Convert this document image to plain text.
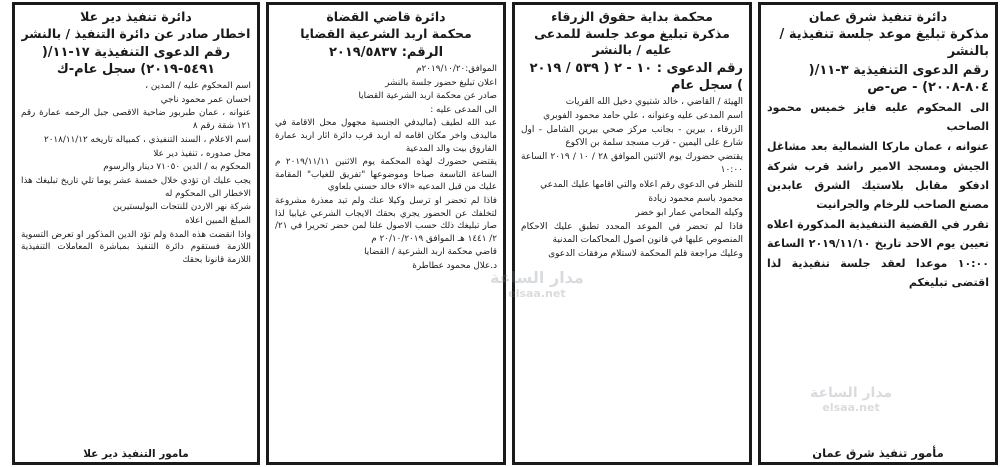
دائرة تنفيذ شرق عمان
مذكرة تبليغ موعد جلسة تنفيذية / بالنشر
رقم الدعوى التنفيذية ٣-١١/( ٨٠٤-٢٠٠٨) - ص-ص
الى المحكوم عليه فايز خميس محمود الصاحب
عنوانه ، عمان ماركا الشمالية بعد مشاغل الجيش ومسجد الامير راشد قرب شركة ادفكو مقابل بلاستيك الشرق عابدين مصنع الصاحب للرخام والجرانيت
تقرر في القضية التنفيذية المذكورة اعلاه تعيين يوم الاحد تاريخ ٢٠١٩/١١/١٠ الساعة ١٠:٠٠ موعدا لعقد جلسة تنفيذية لذا اقتضى تبليغكم
مأمور تنفيذ شرق عمان
محكمة بداية حقوق الزرقاء
مذكرة تبليغ موعد جلسة للمدعى عليه / بالنشر
رقم الدعوى : ١٠ - ٢ ( ٥٣٩ / ٢٠١٩ ) سجل عام
الهيئة / القاضي ، خالد شتيوي دخيل الله القريات
اسم المدعى عليه وعنوانه ، علي حامد محمود الفوبري
الزرقاء ، بيرين - بجانب مركز صحي بيرين الشامل - اول شارع على اليمين - قرب مسجد سلمة بن الاكوع
يقتضي حضورك يوم الاثنين الموافق ٢٨ / ١٠ / ٢٠١٩ الساعة ١٠:٠٠
للنظر في الدعوى رقم اعلاه والتي اقامها عليك المدعي
محمود باسم محمود زيادة
وكيله المحامي عمار ابو خضر
فاذا لم تحضر في الموعد المحدد تطبق عليك الاحكام المنصوص عليها في قانون اصول المحاكمات المدنية
وعليك مراجعة قلم المحكمة لاستلام مرفقات الدعوى
دائرة قاضي القضاة
محكمة اربد الشرعية القضايا
الرقم: ٢٠١٩/٥٨٣٧
الموافق:٢٠١٩/١٠/٢٠م
اعلان تبليغ حضور جلسة بالنشر
صادر عن محكمة اربد الشرعية القضايا
الى المدعى عليه :
عبد الله لطيف (ماليدفي الجنسية مجهول محل الاقامة في ماليدف واخر مكان اقامه له اربد قرب دائرة اثار اربد عمارة الفاروق بيت والد المدعية
يقتضي حضورك لهذه المحكمة يوم الاثنين ٢٠١٩/١١/١١ م الساعة التاسعة صباحا وموضوعها "تفريق للغياب" المقامة عليك من قبل المدعيه «الاء خالد حسني بلعاوي
فاذا لم تحضر او ترسل وكيلا عنك ولم تبد معذرة مشروعة لتخلفك عن الحضور يجري بحقك الايجاب الشرعي غيابيا لذا صار تبليغك ذلك حسب الاصول علنا لمن حضر تحريرا في ٢١/ ٢/ ١٤٤١ هـ الموافق ٢٠/١٠/٢٠١٩ م
قاضي محكمة اربد الشرعية / القضايا
د.علال محمود عطاطرة
دائرة تنفيذ دير علا
اخطار صادر عن دائرة التنفيذ / بالنشر
رقم الدعوى التنفيذية ١٧-١١/( ٥٤٩١-٢٠١٩) سجل عام-ك
اسم المحكوم عليه / المدين ،
احسان عمر محمود ناجي
عنوانه ، عمان طبربور ضاحية الاقصى جبل الرحمه عمارة رقم ١٢١ شقة رقم ٨
اسم الاعلام ، السند التنفيذي ، كمبياله تاريخه ٢٠١٨/١١/١٢
محل صدوره ، تنفيذ دير علا
المحكوم به / الدين ٧١٠٥٠ دينار والرسوم
يجب عليك ان تؤدي خلال خمسة عشر يوما تلي تاريخ تبليغك هذا الاخطار الى المحكوم له
شركة نهر الاردن للنتجات البوليستيرين
المبلغ المبين اعلاه
واذا انقضت هذه المدة ولم تؤد الدين المذكور او تعرض التسوية اللازمة فستقوم دائرة التنفيذ بمباشرة المعاملات التنفيذية اللازمة قانونا بحقك
مامور التنفيذ دير علا
مدار الساعة
elsaa.net
مدار الساعة
elsaa.net
